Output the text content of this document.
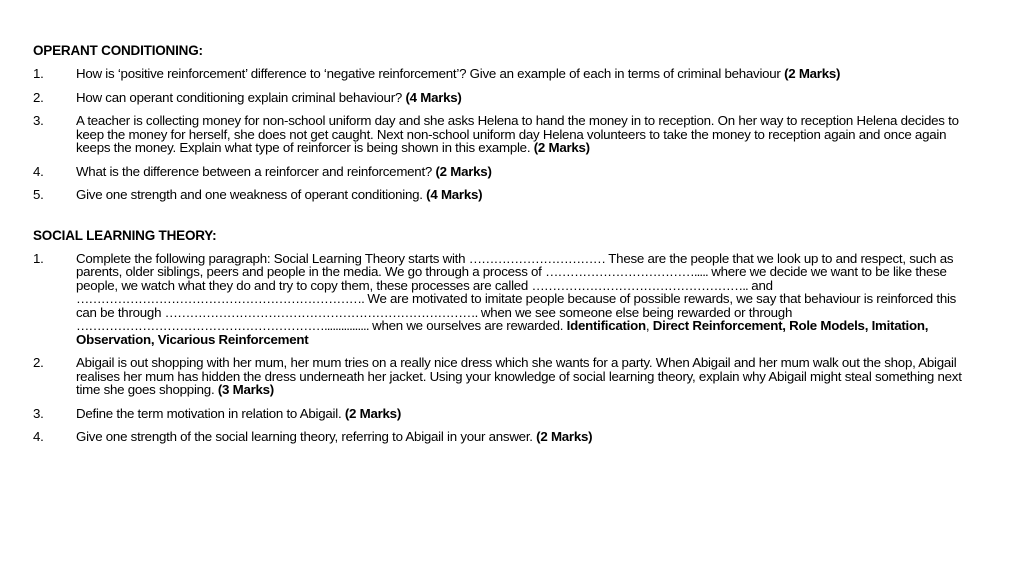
OPERANT CONDITIONING:
1.	How is ‘positive reinforcement’ difference to ‘negative reinforcement’? Give an example of each in terms of criminal behaviour (2 Marks)
2.	How can operant conditioning explain criminal behaviour? (4 Marks)
3.	A teacher is collecting money for non-school uniform day and she asks Helena to hand the money in to reception. On her way to reception Helena decides to keep the money for herself, she does not get caught. Next non-school uniform day Helena volunteers to take the money to reception again and once again keeps the money. Explain what type of reinforcer is being shown in this example. (2 Marks)
4.	What is the difference between a reinforcer and reinforcement? (2 Marks)
5.	Give one strength and one weakness of operant conditioning. (4 Marks)
SOCIAL LEARNING THEORY:
1.	Complete the following paragraph: Social Learning Theory starts with …………………………… These are the people that we look up to and respect, such as parents, older siblings, peers and people in the media. We go through a process of ………………………………..... where we decide we want to be like these people, we watch what they do and try to copy them, these processes are called …………………………………………….. and ……………………………………………………………. We are motivated to imitate people because of possible rewards, we say that behaviour is reinforced this can be through …………………………………………………………………. when we see someone else being rewarded or through ……………………………………………………................ when we ourselves are rewarded. Identification, Direct Reinforcement, Role Models, Imitation, Observation, Vicarious Reinforcement
2.	Abigail is out shopping with her mum, her mum tries on a really nice dress which she wants for a party. When Abigail and her mum walk out the shop, Abigail realises her mum has hidden the dress underneath her jacket. Using your knowledge of social learning theory, explain why Abigail might steal something next time she goes shopping. (3 Marks)
3.	Define the term motivation in relation to Abigail. (2 Marks)
4.	Give one strength of the social learning theory, referring to Abigail in your answer. (2 Marks)
